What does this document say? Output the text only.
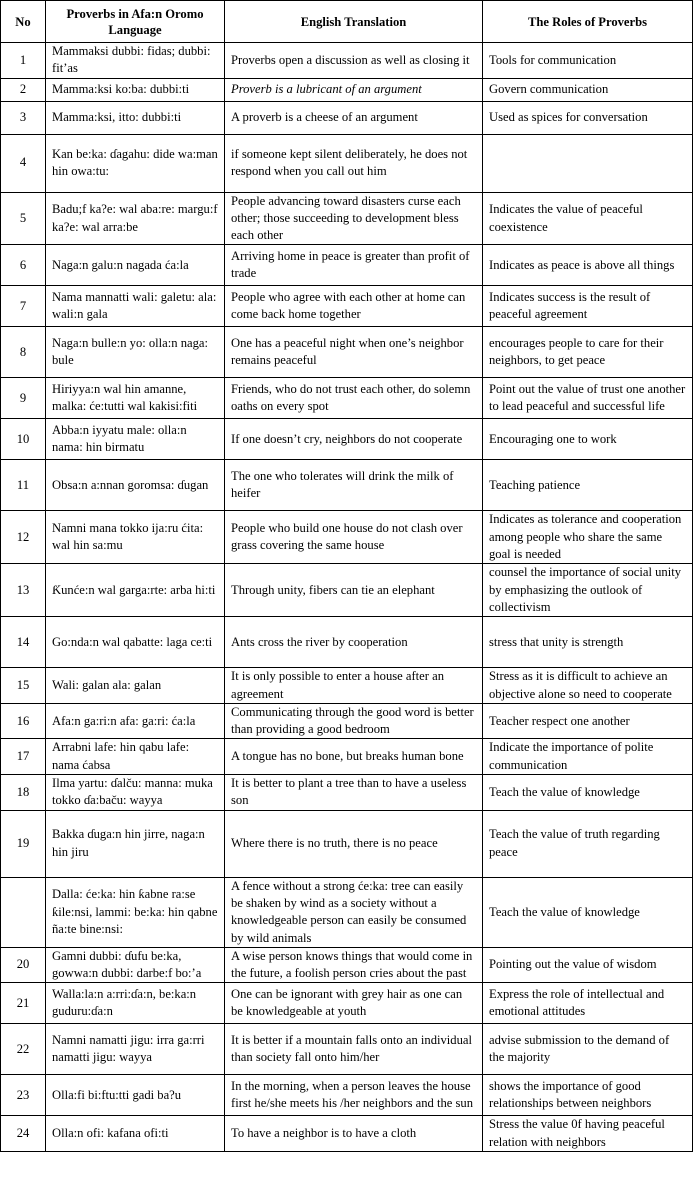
No	Proverbs in Afa:n Oromo Language	English Translation	The Roles of Proverbs
1	Mammaksi dubbi: fidas; dubbi: fit’as	Proverbs open a discussion as well as closing it	Tools for communication
2	Mamma:ksi ko:ba: dubbi:ti	Proverb is a lubricant of an argument	Govern communication
3	Mamma:ksi, itto: dubbi:ti	A proverb is a cheese of an argument	Used as spices for conversation
4	Kan be:ka: ɗagahu: dide wa:man hin owa:tu:	if someone kept silent deliberately, he does not respond when you call out him	
5	Badu;f ka?e: wal aba:re: margu:f ka?e: wal arra:be	People advancing toward disasters curse each other; those succeeding to development bless each other	Indicates the value of peaceful coexistence
6	Naga:n galu:n nagada ća:la	Arriving home in peace is greater than profit of trade	Indicates as peace is above all things
7	Nama mannatti wali: galetu: ala: wali:n gala	People who agree with each other at home can come back home together	Indicates success is the result of peaceful agreement
8	Naga:n bulle:n yo: olla:n naga: bule	One has a peaceful night when one’s neighbor remains peaceful	encourages people to care for their neighbors, to get peace
9	Hiriyya:n wal hin amanne, malka: će:tutti wal kakisi:fiti	Friends, who do not trust each other, do solemn oaths on every spot	Point out the value of trust one another to lead peaceful and successful life
10	Abba:n iyyatu male: olla:n nama: hin birmatu	If one doesn’t cry, neighbors do not cooperate	Encouraging one to work
11	Obsa:n a:nnan goromsa: ɗugan	The one who tolerates will drink the milk of heifer	Teaching patience
12	Namni mana tokko ija:ru ćita: wal hin sa:mu	People who build one house do not clash over grass covering the same house	Indicates as tolerance and cooperation among people who share the same goal is needed
13	Ƙunće:n wal garga:rte: arba hi:ti	Through unity, fibers can tie an elephant	counsel the importance of social unity by emphasizing the outlook of collectivism
14	Go:nda:n wal qabatte: laga ce:ti	Ants cross the river by cooperation	stress that unity is strength
15	Wali: galan ala: galan	It is only possible to enter a house after an agreement	Stress as it is difficult to achieve an objective alone so need to cooperate
16	Afa:n ga:ri:n afa: ga:ri: ća:la	Communicating through the good word is better than providing a good bedroom	Teacher respect one another
17	Arrabni lafe: hin qabu lafe: nama ćabsa	A tongue has no bone, but breaks human bone	Indicate the importance of polite communication
18	Ilma yartu: ɗalču: manna: muka tokko ɗa:baču: wayya	It is better to plant a tree than to have a useless son	Teach the value of knowledge
19	Bakka ɗuga:n hin jirre, naga:n hin jiru	Where there is no truth, there is no peace	Teach the value of truth regarding peace
	Dalla: će:ka: hin ƙabne ra:se ƙile:nsi, lammi: be:ka: hin qabne ña:te bine:nsi:	A fence without a strong će:ka: tree can easily be shaken by wind as a society without a knowledgeable person can easily be consumed by wild animals	Teach the value of knowledge
20	Gamni dubbi: ɗufu be:ka, gowwa:n dubbi: darbe:f bo:’a	A wise person knows things that would come in the future, a foolish person cries about the past	Pointing out the value of wisdom
21	Walla:la:n a:rri:ɗa:n, be:ka:n guduru:ɗa:n	One can be ignorant with grey hair as one can be knowledgeable at youth	Express the role of intellectual and emotional attitudes
22	Namni namatti jigu: irra ga:rri namatti jigu: wayya	It is better if a mountain falls onto an individual than society fall onto him/her	advise submission to the demand of the majority
23	Olla:fi bi:ftu:tti gadi ba?u	In the morning, when a person leaves the house first he/she meets his /her neighbors and the sun	shows the importance of good relationships between neighbors
24	Olla:n ofi: kafana ofi:ti	To have a neighbor is to have a cloth	Stress the value 0f having peaceful relation with neighbors
